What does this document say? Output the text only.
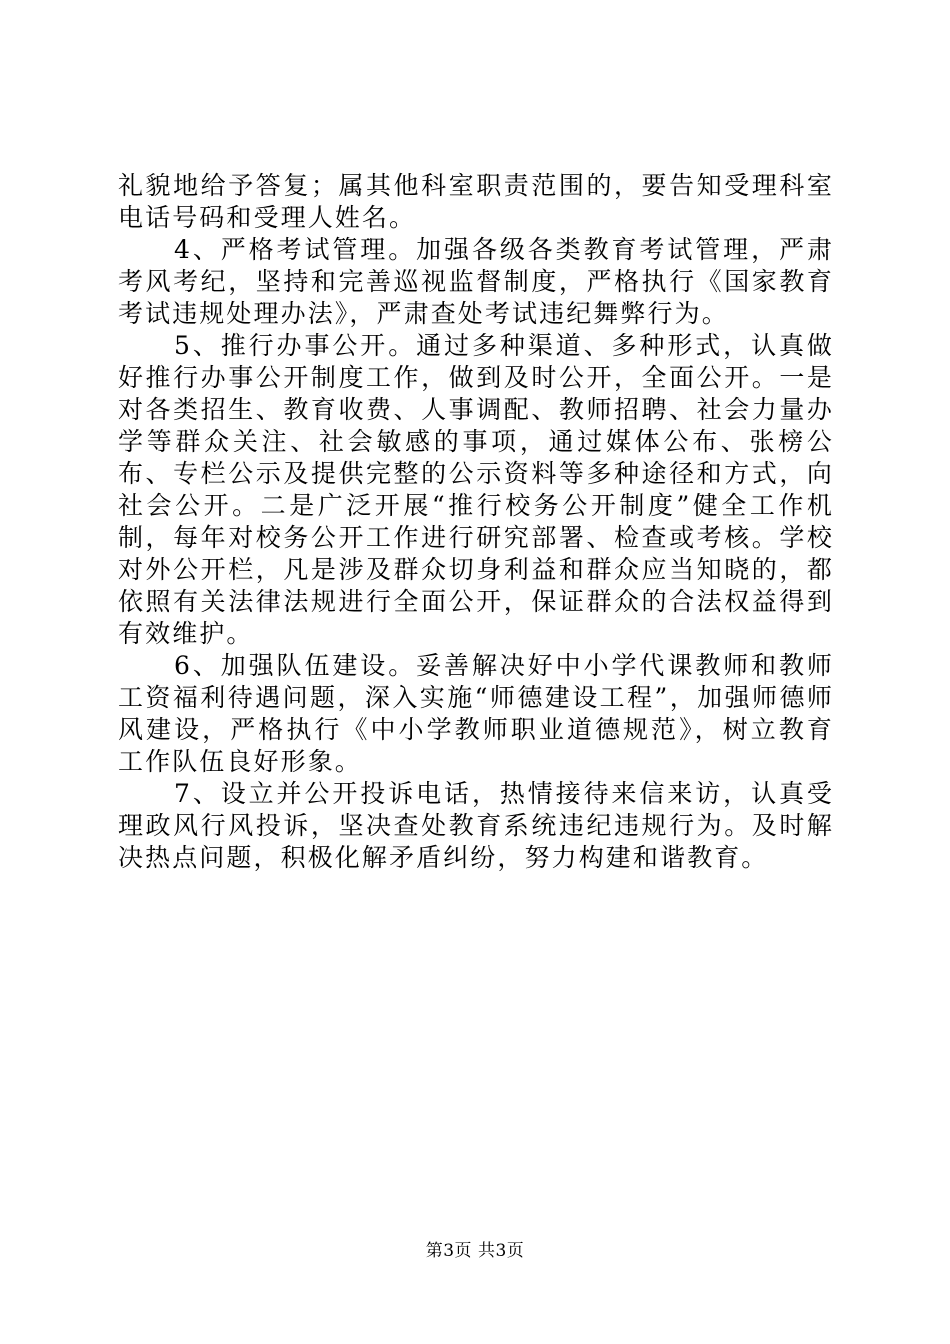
礼貌地给予答复；属其他科室职责范围的，要告知受理科室电话号码和受理人姓名。

4、严格考试管理。加强各级各类教育考试管理，严肃考风考纪，坚持和完善巡视监督制度，严格执行《国家教育考试违规处理办法》，严肃查处考试违纪舞弊行为。

5、推行办事公开。通过多种渠道、多种形式，认真做好推行办事公开制度工作，做到及时公开，全面公开。一是对各类招生、教育收费、人事调配、教师招聘、社会力量办学等群众关注、社会敏感的事项，通过媒体公布、张榜公布、专栏公示及提供完整的公示资料等多种途径和方式，向社会公开。二是广泛开展“推行校务公开制度”健全工作机制，每年对校务公开工作进行研究部署、检查或考核。学校对外公开栏，凡是涉及群众切身利益和群众应当知晓的，都依照有关法律法规进行全面公开，保证群众的合法权益得到有效维护。

6、加强队伍建设。妥善解决好中小学代课教师和教师工资福利待遇问题，深入实施“师德建设工程”，加强师德师风建设，严格执行《中小学教师职业道德规范》，树立教育工作队伍良好形象。

7、设立并公开投诉电话，热情接待来信来访，认真受理政风行风投诉，坚决查处教育系统违纪违规行为。及时解决热点问题，积极化解矛盾纠纷，努力构建和谐教育。

第3页 共3页
